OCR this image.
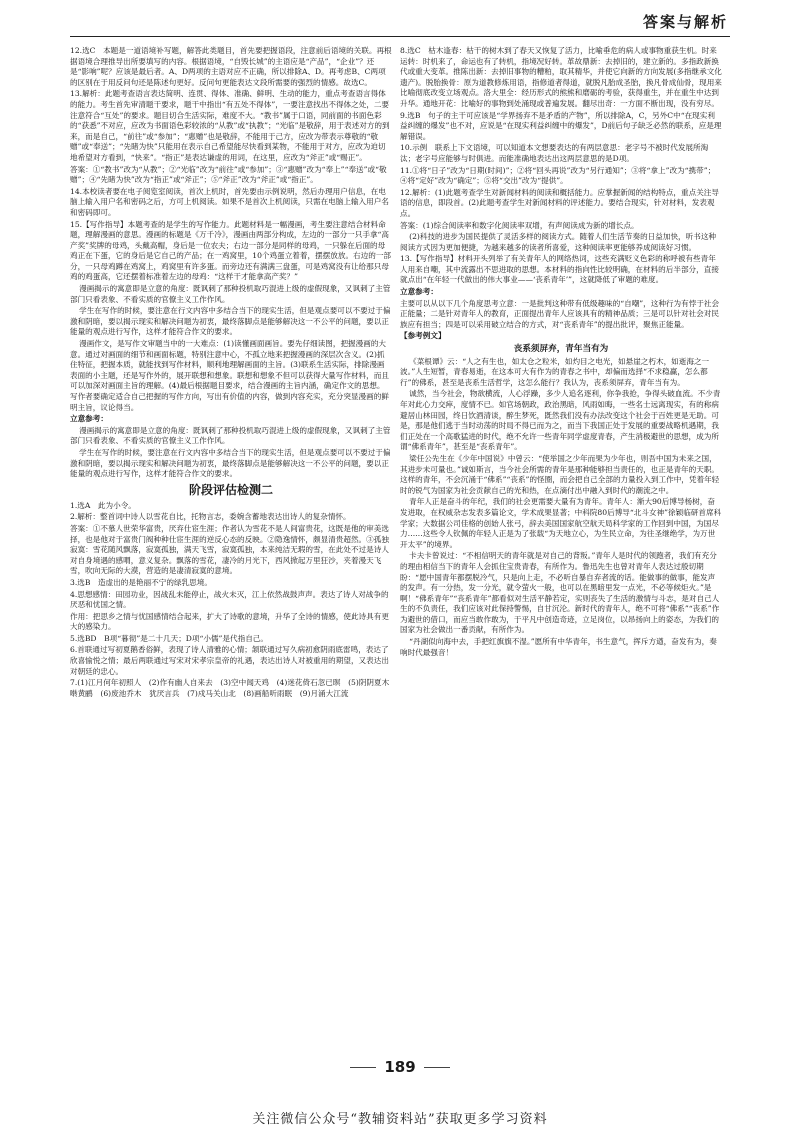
答案与解析

12.选C　本题是一道语境补写题，解答此类题目，首先要把握语段，注意前后语境的关联。再根据语境合理推导出所要填写的内容。根据语境，“自毁长城”的主语应是“产品”，“企业”？还是“影响”呢？应该是最后者。A、D两项的主语对应不正确，所以排除A、D。再考虑B、C两项的区别在于用反问句还是陈述句更好。反问句更能表达文段所需要的强烈的情感。故选C。

13.解析：此题考查语言表达简明、连贯、得体、准确、鲜明、生动的能力，重点考查语言得体的能力。考生首先审清题干要求，题干中指出“有五处不得体”，一要注意找出不得体之处，二要注意符合“互处”的要求。题目切合生活实际，难度不大。“教书”属于口语，同前面的书面色彩的“获悉”不对应，应改为书面语色彩较浓的“从教”或“执教”；“光临”是敬辞，用于表述对方的到来，而是自己，“前往”或“参加”；“惠赠”也是敬辞，不能用于己方，应改为带表示尊敬的“敬赠”或“奉送”；“先睹为快”只能用在表示自己希望能尽快看到某物，不能用于对方，应改为迫切地希望对方看到，“快来”。“指正”是表达谦虚的用词，在这里，应改为“斧正”或“赐正”。

答案：①“教书”改为“从教”；②“光临”改为“前往”或“参加”；③“惠赠”改为“奉上”“奉送”或“敬赠”；④“先睹为快”改为“指正”或“斧正”；⑤“斧正”改为“斧正”或“指正”。

14.本校读者要在电子阅览室阅读，首次上机时，首先要由示例说明，然后办理用户信息，在电脑上输入用户名和密码之后，方可上机阅读。如果不是首次上机阅读，只需在电脑上输入用户名和密码即可。

15.【写作指导】本题考查的是学生的写作能力。此题材料是一幅漫画，考生要注意结合材料命题，理解漫画的意思。漫画的标题是《万千冷》，漫画由两部分构成，左边的一部分一只手拿“高产奖”奖牌的母鸡，头戴高帽，身后是一位农夫；右边一部分是同样的母鸡，一只躲在后面的母鸡正在下蛋，它的身后是它自己的产品；在一鸡窝里，10个鸡蛋立着着，摆摆放放。右边的一部分，一只母鸡蹲在鸡窝上，鸡窝里有许多蛋。而旁边还有满满三盘蛋，可是鸡窝没有让给那只母鸡的鸡蛋高，它还摆着标准着左边的母鸡：“这样干才能拿高产奖？”

漫画揭示的寓意即是立意的角度：既讽刺了那种投机取巧混进上级的虚假现象，又讽刺了主管部门只看表象、不看实质的官僚主义工作作风。

学生在写作的时候，要注意在行文内容中多结合当下的现实生活，但是观点要可以不要过于偏激和阴暗，要以揭示现实和解决问题为初衷，最终落脚点是能够解决这一不公平的问题，要以正能量的观点进行写作，这样才能符合作文的要求。

漫画作文，是写作文审题当中的一大难点：(1)读懂画面画旨。要先仔细读图，把握漫画的大意。通过对画面的细节和画面标题，特别注意中心，不孤立地来把握漫画的深层次含义。(2)抓住特征，把握本质，就能找到写作材料，顺利地理解画面的主旨。(3)联系生活实际，排除漫画表面的小主题，还是写作外的，展开联想和想象。联想和想象不但可以获得大量写作材料，而且可以加深对画面主旨的理解。(4)最后根据题目要求，结合漫画的主旨内涵，确定作文的思想。写作者要确定适合自己把握的写作方向，写出有价值的内容，做到内容充实，充分突显漫画的鲜明主旨，议论得当。

立意参考：

漫画揭示的寓意即是立意的角度：既讽刺了那种投机取巧混进上级的虚假现象，又讽刺了主管部门只看表象、不看实质的官僚主义工作作风。

学生在写作的时候，要注意在行文内容中多结合当下的现实生活，但是观点要可以不要过于偏激和阴暗，要以揭示现实和解决问题为初衷，最终落脚点是能够解决这一不公平的问题，要以正能量的观点进行写作，这样才能符合作文的要求。

阶段评估检测二

1.选A　此为小令。

2.解析：整首词中诗人以雪花自比，托物言志，委婉含蓄地表达出诗人的复杂情怀。

答案：①不慕人世荣华富贵，厌弃仕宦生涯；作者认为雪花不是人间富贵花，这既是他的审美选择，也是他对于富贵门阀种种仕宦生涯的逆反心态的反映。②隐逸情怀，颇显清贵超然。③孤独寂寞：雪花随风飘落，寂寞孤独，满天飞雪，寂寞孤独，本来纯洁无瑕的雪，在此处不过是诗人对自身境遇的感喟，意义复杂。飘落的雪花，凄冷的月光下，西风掀起万里狂沙，夹着漫天飞雪，吹向无际的大漠，营造的是凄清寂寞的意境。

3.选B　造虚出的是艳丽不宁的绿乳思境。

4.思想感情：田园功业，因战乱未能停止，战火未灭，江上依然战鼓声声。表达了诗人对战争的厌恶和忧国之情。

作用：把思乡之情与忧国感情结合起来，扩大了诗歌的意境，升华了全诗的情感，使此诗具有更大的感染力。

5.选BD　B项“暮彻”是二十几天；D项“小儒”是代指自己。

6.首联通过写初夏鹅香俗鲜，表现了诗人清雅的心情；颔联通过写久病初愈阴雨底雷鸣，表达了欣喜愉悦之情；最后两联通过写宋对宋孝宗皇帝的礼遇，表达出诗人对被重用的期望，又表达出对朝廷的忠心。

7.(1)江月何年初照人　(2)作有幽人自来去　(3)空中闻天鸡　(4)迷花倚石忽已暝　(5)阴阴夏木啭黄鹂　(6)废池乔木　犹厌言兵　(7)戍马关山北　(8)画船听雨眠　(9)月涌大江流

8.选C　枯木逢春：枯干的树木到了春天又恢复了活力，比喻垂危的病人或事物重获生机。时来运转：时机来了，命运也有了转机，指境况好转。革故鼎新：去掉旧的，建立新的。多指政新换代或重大变革。推陈出新：去掉旧事物的糟粕，取其精华，并使它向新的方向发展(多指继承文化遗产)。脱胎换骨：原为道教修炼用语，指修道者得道，就脱凡胎成圣胎，换凡骨成仙骨，现用来比喻彻底改变立场观点。洛大里全：经历形式的熊熊和磨砺的考验，获得重生，并在重生中达到升华。通地开花：比喻好的事物到处涌现或普遍发展。翻尽出奇：一方面不断出现，没有穷尽。

9.选B　句子的主干可应该是“学界扬弃不是矛盾的产物”，所以排除A，C，另外C中“在现实利益纠缠的爆发”也不对，应说是“在现实利益纠缠中的爆发”，D前后句子缺乏必然的联系，应是理解错误。

10.示例　联系上下文语境，可以知道本文想要表达的有两层意思：老字号不被时代发展所淘汰；老字号应能够与时俱进。而能准确地表达出这两层意思的是D项。

11.①将“日子”改为“日期(时间)”；②将“回头再说”改为“另行通知”；③将“拿上”改为“携带”；④将“定好”改为“确定”；⑤将“交出”改为“提供”。

12.解析：(1)此题考查学生对新闻材料的阅读和概括能力。应掌握新闻的结构特点，重点关注导语的信息，即段首。(2)此题考查学生对新闻材料的评述能力。要结合现实，针对材料，发表观点。

答案：(1)综合阅读率和数字化阅读率双增，有声阅读成为新的增长点。

(2)科技的进步为国民提供了灵活多样的阅读方式。随着人们生活节奏的日益加快，听书这种阅读方式因为更加便捷，为越来越多的读者所喜爱，这种阅读率更能够养成阅读好习惯。

13.【写作指导】材料开头列举了有关青年人的网络热词，这些充满贬义色彩的称呼被有些青年人用来自嘲，其中流露出不思进取的思想。本材料的指向性比较明确，在材料的后半部分，直接就点出“在年轻一代做出的伟大事业——‘丧系青年’”，这就降低了审题的难度。

立意参考：

主要可以从以下几个角度思考立意：一是批判这种带有低级趣味的“自嘲”，这种行为有悖于社会正能量；二是针对青年人的教育，正面提出青年人应该具有的精神品质；三是可以针对社会对民族应有担当；四是可以采用破立结合的方式，对“丧系青年”的提出批评，聚焦正能量。

【参考例文】

丧系须屏弃，青年当有为

《菜根谭》云：“人之有生也，如太仓之粒米，如灼目之电光，如悬崖之朽木，如逝海之一波。”人生短暂，青春易逝，在这本可大有作为的青春之书中，却偏而选择“不求稳赢，怎么都行”的佛系，甚至是丧系生活哲学，这怎么能行？我认为，丧系须屏弃，青年当有为。

诚然，当今社会，物欲横流，人心浮躁，多少人追名逐利，你争我抢，争得头破血流。不少青年对此心力交瘁，度情不已。如官场朝政，政治黑暗，风雨如晦，一些名士远离现实，有的称病避居山林田园，终日饮酒清谈，醉生梦死，既然我们没有办法改变这个社会于百姓更是无助。可是，那是他们逃于当时动荡的时局不得已而为之，而当下我国正处于发展的重要战略机遇期，我们正处在一个高歌猛进的时代，绝不允许一些青年同学虚度青春，产生消极避世的思想，成为所谓“佛系青年”，甚至是“丧系青年”。

梁任公先生在《少年中国说》中曾云：“使举国之少年而果为少年也，则吾中国为未来之国，其进步未可量也。”诚如斯言，当今社会所需的青年是那种能够担当责任的，也正是青年的天职。这样的青年，不会沉涌于“佛系”“丧系”的怪圈，而会把自己全部的力量投入到工作中，凭着年轻时的锐气为国家为社会贡献自己的光和热，在点滴付出中融入到时代的潮流之中。

青年人正是奋斗的年纪，我们的社会更需要大量有为青年。青年人：渐大90后博导杨树，奋发进取，在权威杂志发表多篇论文，学术成果显著；中科院80后博导“北斗女神”徐颖临研首席科学家；大数据公司佳格的创始人张弓，辞去美国国家航空航天局科学家的工作回到中国，为国尽力……这些令人钦佩的年轻人正是为了张载“为天地立心，为生民立命，为往圣继绝学，为万世开太平”的境界。

卡夫卡曾说过：“不相信明天的青年就是对自己的背叛。”青年人是时代的领跑者，我们有充分的理由相信当下的青年人会抓住宝贵青春，有所作为。鲁迅先生也曾对青年人表达过殷切期盼：“愿中国青年都摆脱冷气，只是向上走，不必听自暴自弃者流的话。能做事的做事，能发声的发声。有一分热，发一分光，就令萤火一般，也可以在黑暗里发一点光，不必等候炬火。”是啊！“佛系青年”“丧系青年”都看似对生活平静若定，实则丧失了生活的激情与斗志，是对自己人生的不负责任，我们应该对此保持警惕，自甘沉沦。新时代的青年人，绝不可将“佛系”“丧系”作为避世的借口，而应当敢作敢为，于平凡中创造奇迹，立足岗位，以昂扬向上的姿态，为我们的国家为社会做出一番贡献，有所作为。

“丹湖似向海中去，手把红旗旗不湿。”愿所有中华青年，书生意气，挥斥方遒，奋发有为，奏响时代最强音！

189
关注微信公众号“教辅资料站”获取更多学习资料
